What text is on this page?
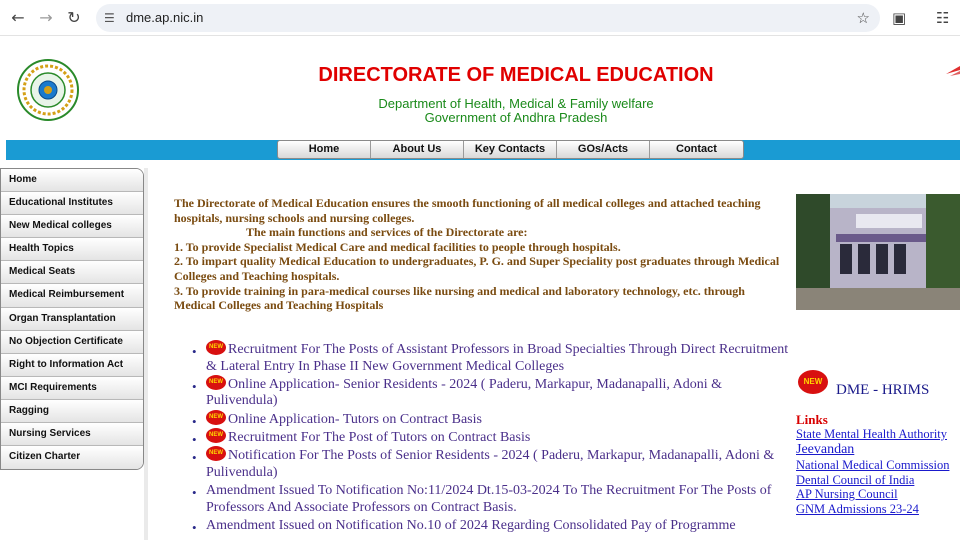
← → ↻	☰ dme.ap.nic.in	☆ ▣ ☷
DIRECTORATE OF MEDICAL EDUCATION
Department of Health, Medical & Family welfare
Government of Andhra Pradesh
Home	About Us	Key Contacts	GOs/Acts	Contact
Home
Educational Institutes
New Medical colleges
Health Topics
Medical Seats
Medical Reimbursement
Organ Transplantation
No Objection Certificate
Right to Information Act
MCI Requirements
Ragging
Nursing Services
Citizen Charter
The Directorate of Medical Education ensures the smooth functioning of all medical colleges and attached teaching hospitals, nursing schools and nursing colleges.
The main functions and services of the Directorate are:
1. To provide Specialist Medical Care and medical facilities to people through hospitals.
2. To impart quality Medical Education to undergraduates, P. G. and Super Speciality post graduates through Medical Colleges and Teaching hospitals.
3. To provide training in para-medical courses like nursing and medical and laboratory technology, etc. through Medical Colleges and Teaching Hospitals
• NEW Recruitment For The Posts of Assistant Professors in Broad Specialties Through Direct Recruitment & Lateral Entry In Phase II New Government Medical Colleges
• NEW Online Application- Senior Residents - 2024 ( Paderu, Markapur, Madanapalli, Adoni & Pulivendula)
• NEW Online Application- Tutors on Contract Basis
• NEW Recruitment For The Post of Tutors on Contract Basis
• NEW Notification For The Posts of Senior Residents - 2024 ( Paderu, Markapur, Madanapalli, Adoni & Pulivendula)
• Amendment Issued To Notification No:11/2024 Dt.15-03-2024 To The Recruitment For The Posts of Professors And Associate Professors on Contract Basis.
• Amendment Issued on Notification No.10 of 2024 Regarding Consolidated Pay of Programme
NEW
DME - HRIMS
Links
State Mental Health Authority
Jeevandan
National Medical Commission
Dental Council of India
AP Nursing Council
GNM Admissions 23-24
